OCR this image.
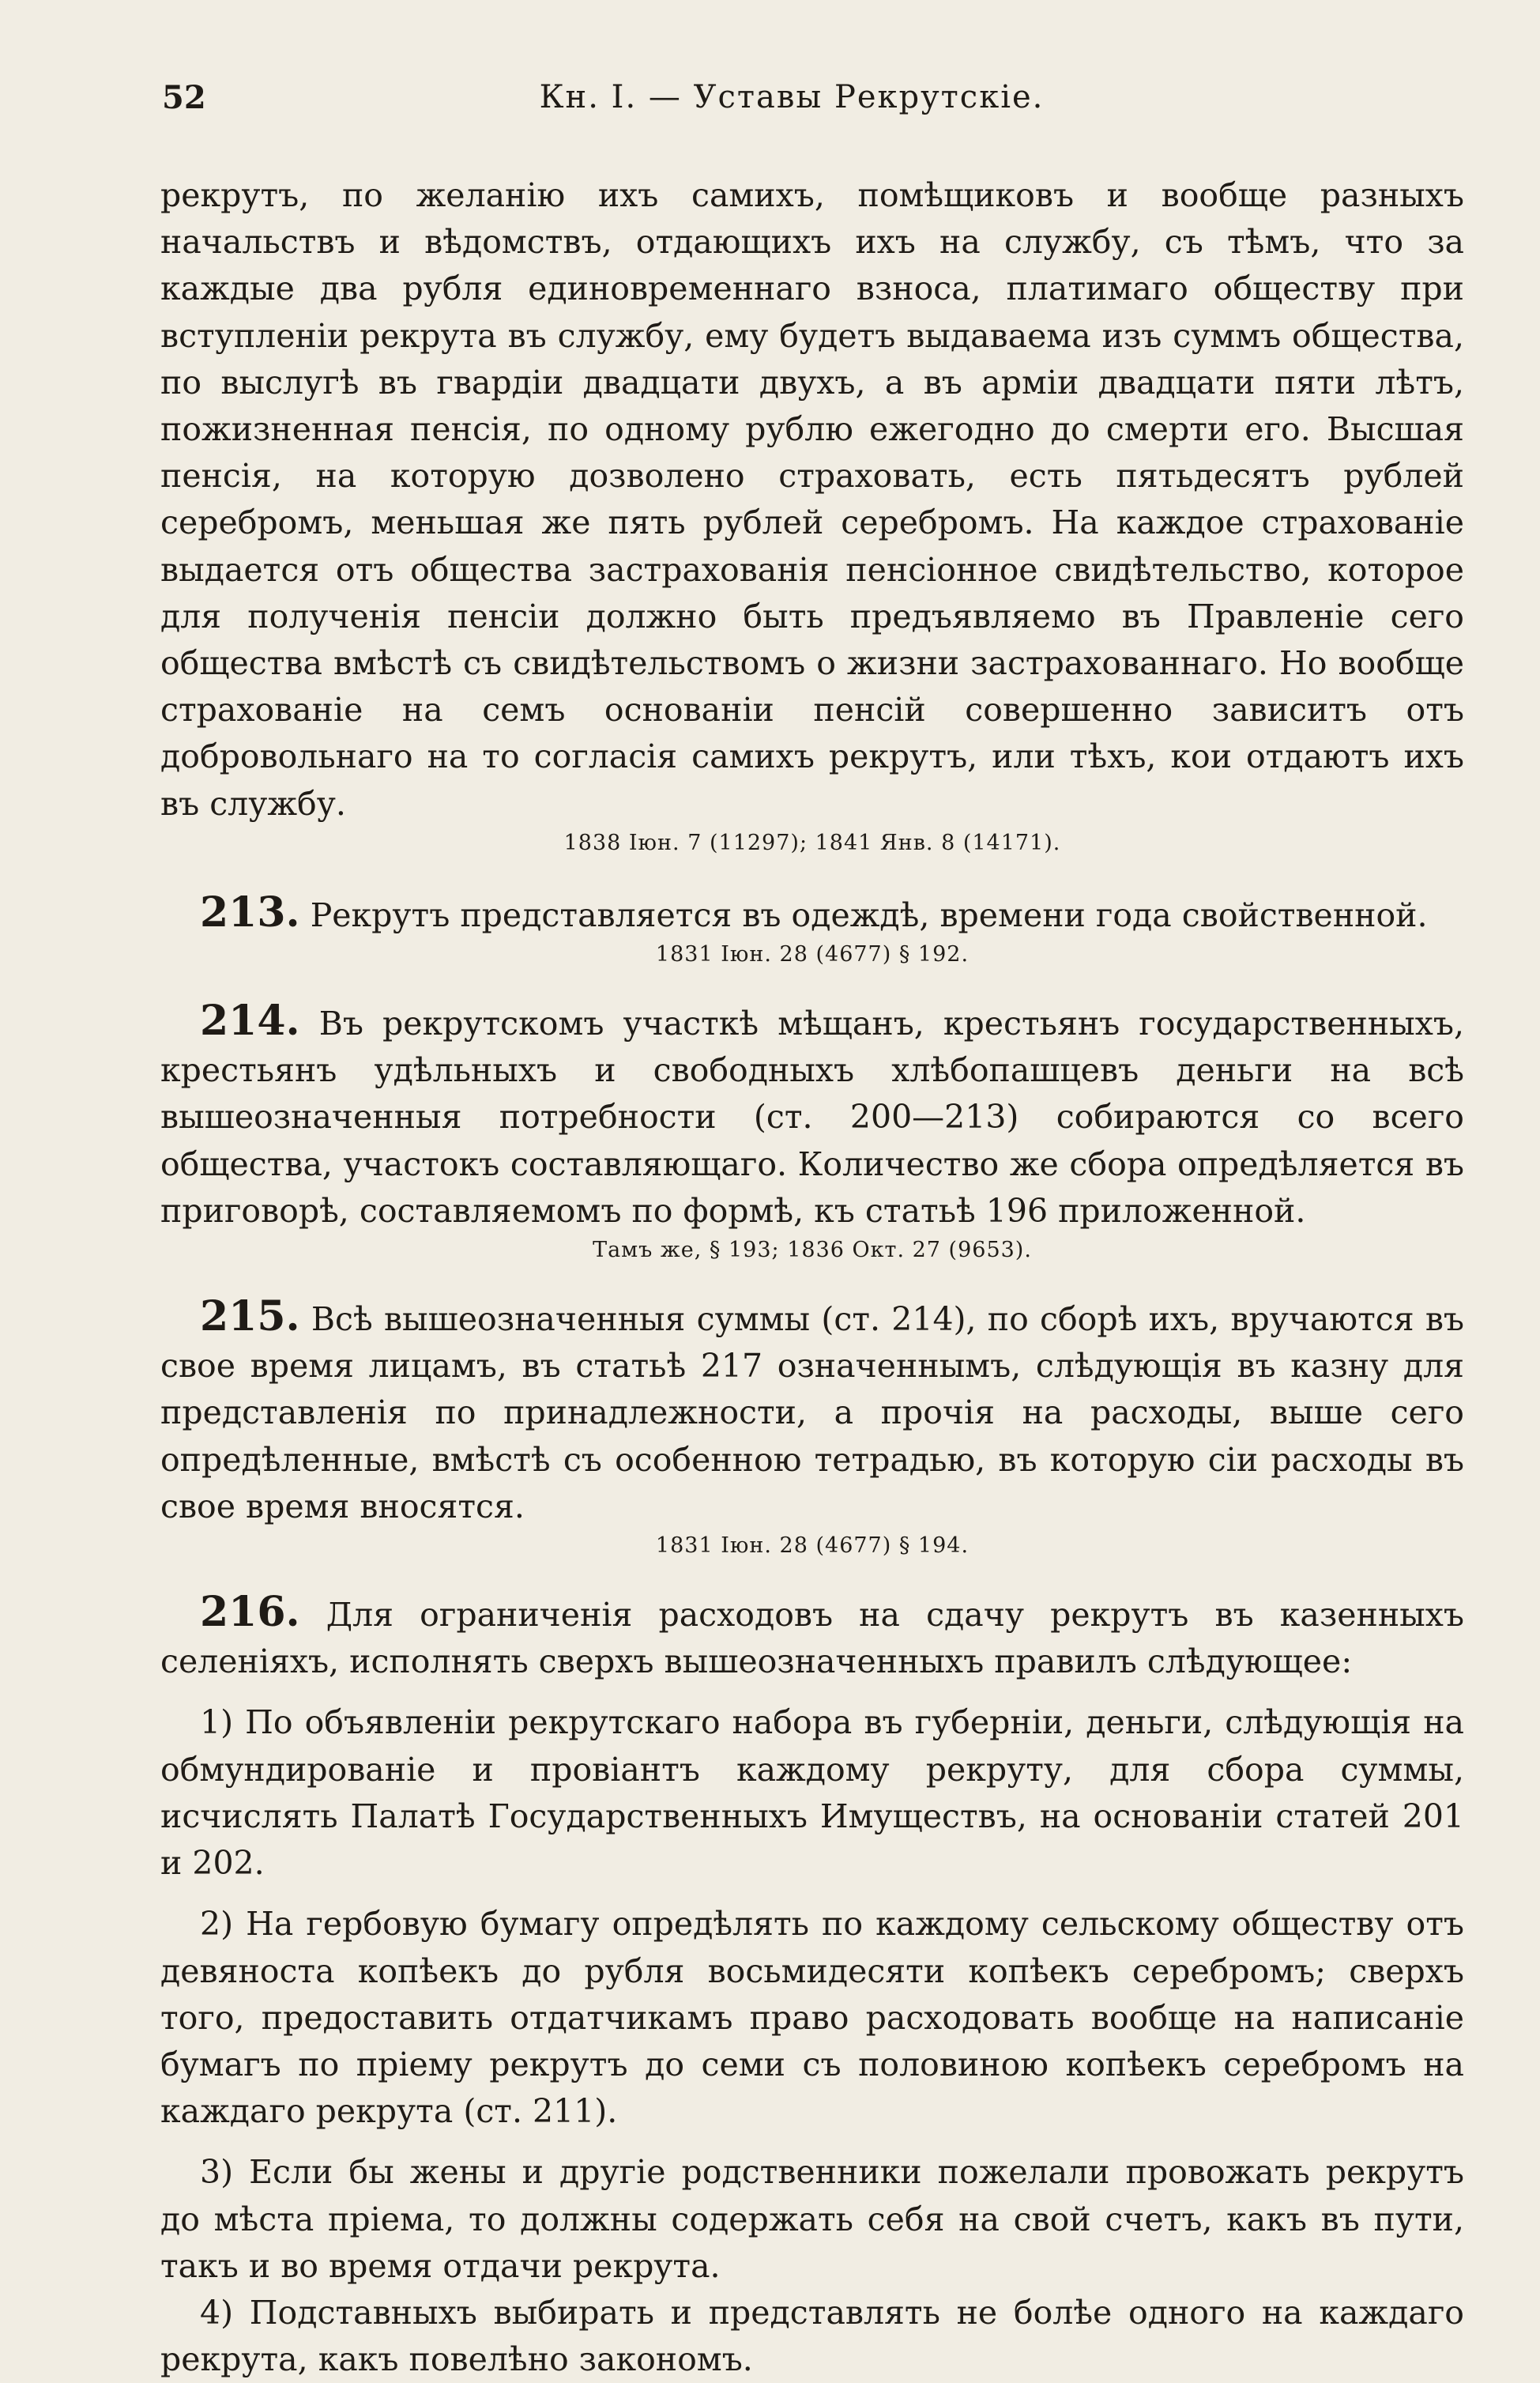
52	Кн. I. — Уставы Рекрутскіе.

рекрутъ, по желанію ихъ самихъ, помѣщиковъ и вообще разныхъ начальствъ и вѣдомствъ, отдающихъ ихъ на службу, съ тѣмъ, что за каждые два рубля единовременнаго взноса, платимаго обществу при вступленіи рекрута въ службу, ему будетъ выдаваема изъ суммъ общества, по выслугѣ въ гвардіи двадцати двухъ, а въ арміи двадцати пяти лѣтъ, пожизненная пенсія, по одному рублю ежегодно до смерти его. Высшая пенсія, на которую дозволено страховать, есть пятьдесятъ рублей серебромъ, меньшая же пять рублей серебромъ. На каждое страхованіе выдается отъ общества застрахованія пенсіонное свидѣтельство, которое для полученія пенсіи должно быть предъявляемо въ Правленіе сего общества вмѣстѣ съ свидѣтельствомъ о жизни застрахованнаго. Но вообще страхованіе на семъ основаніи пенсій совершенно зависитъ отъ добровольнаго на то согласія самихъ рекрутъ, или тѣхъ, кои отдаютъ ихъ въ службу.

1838 Іюн. 7 (11297); 1841 Янв. 8 (14171).

213. Рекрутъ представляется въ одеждѣ, времени года свойственной.

1831 Іюн. 28 (4677) § 192.

214. Въ рекрутскомъ участкѣ мѣщанъ, крестьянъ государственныхъ, крестьянъ удѣльныхъ и свободныхъ хлѣбопашцевъ деньги на всѣ вышеозначенныя потребности (ст. 200—213) собираются со всего общества, участокъ составляющаго. Количество же сбора опредѣляется въ приговорѣ, составляемомъ по формѣ, къ статьѣ 196 приложенной.

Тамъ же, § 193; 1836 Окт. 27 (9653).

215. Всѣ вышеозначенныя суммы (ст. 214), по сборѣ ихъ, вручаются въ свое время лицамъ, въ статьѣ 217 означеннымъ, слѣдующія въ казну для представленія по принадлежности, а прочія на расходы, выше сего опредѣленные, вмѣстѣ съ особенною тетрадью, въ которую сіи расходы въ свое время вносятся.

1831 Іюн. 28 (4677) § 194.

216. Для ограниченія расходовъ на сдачу рекрутъ въ казенныхъ селеніяхъ, исполнять сверхъ вышеозначенныхъ правилъ слѣдующее:

1) По объявленіи рекрутскаго набора въ губерніи, деньги, слѣдующія на обмундированіе и провіантъ каждому рекруту, для сбора суммы, исчислять Палатѣ Государственныхъ Имуществъ, на основаніи статей 201 и 202.

2) На гербовую бумагу опредѣлять по каждому сельскому обществу отъ девяноста копѣекъ до рубля восьмидесяти копѣекъ серебромъ; сверхъ того, предоставить отдатчикамъ право расходовать вообще на написаніе бумагъ по пріему рекрутъ до семи съ половиною копѣекъ серебромъ на каждаго рекрута (ст. 211).

3) Если бы жены и другіе родственники пожелали провожать рекрутъ до мѣста пріема, то должны содержать себя на свой счетъ, какъ въ пути, такъ и во время отдачи рекрута.

4) Подставныхъ выбирать и представлять не болѣе одного на каждаго рекрута, какъ повелѣно закономъ.
